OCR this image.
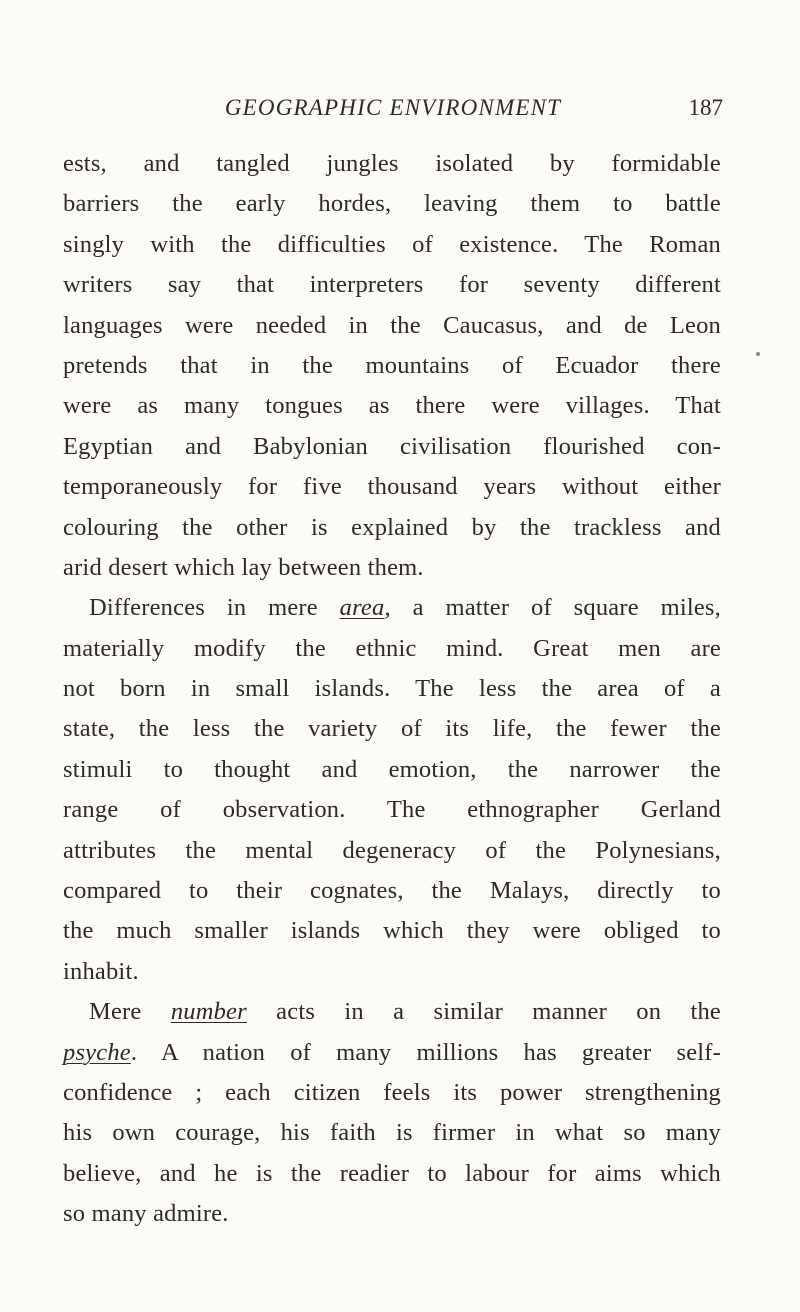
GEOGRAPHIC ENVIRONMENT	187
ests, and tangled jungles isolated by formidable
barriers the early hordes, leaving them to battle
singly with the difficulties of existence. The Roman
writers say that interpreters for seventy different
languages were needed in the Caucasus, and de Leon
pretends that in the mountains of Ecuador there
were as many tongues as there were villages. That
Egyptian and Babylonian civilisation flourished con-
temporaneously for five thousand years without either
colouring the other is explained by the trackless and
arid desert which lay between them.
Differences in mere area, a matter of square miles,
materially modify the ethnic mind. Great men are
not born in small islands. The less the area of a
state, the less the variety of its life, the fewer the
stimuli to thought and emotion, the narrower the
range of observation. The ethnographer Gerland
attributes the mental degeneracy of the Polynesians,
compared to their cognates, the Malays, directly to
the much smaller islands which they were obliged to
inhabit.
Mere number acts in a similar manner on the
psyche. A nation of many millions has greater self-
confidence ; each citizen feels its power strengthening
his own courage, his faith is firmer in what so many
believe, and he is the readier to labour for aims which
so many admire.
